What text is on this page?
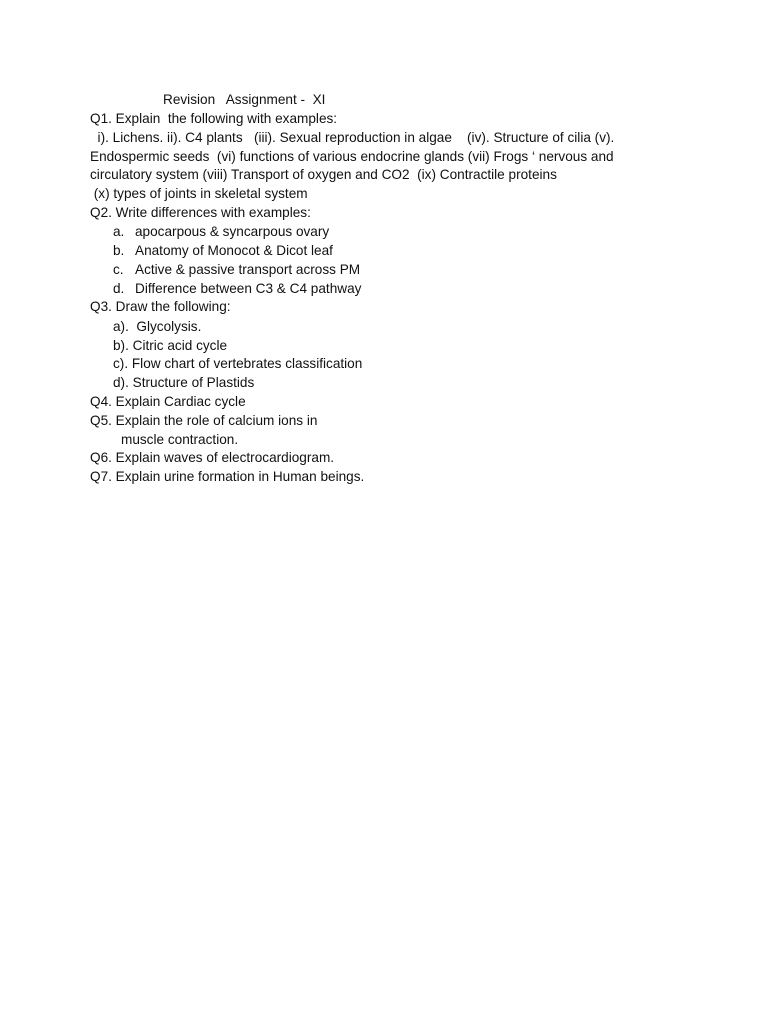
Revision   Assignment -  XI
Q1. Explain  the following with examples:
i). Lichens. ii). C4 plants   (iii). Sexual reproduction in algae    (iv). Structure of cilia (v).
Endospermic seeds  (vi) functions of various endocrine glands (vii) Frogs ‘ nervous and
circulatory system (viii) Transport of oxygen and CO2  (ix) Contractile proteins
(x) types of joints in skeletal system
Q2. Write differences with examples:
a. apocarpous & syncarpous ovary
b. Anatomy of Monocot & Dicot leaf
c. Active & passive transport across PM
d. Difference between C3 & C4 pathway
Q3. Draw the following:
a).  Glycolysis.
b). Citric acid cycle
c). Flow chart of vertebrates classification
d). Structure of Plastids
Q4. Explain Cardiac cycle
Q5. Explain the role of calcium ions in
muscle contraction.
Q6. Explain waves of electrocardiogram.
Q7. Explain urine formation in Human beings.
